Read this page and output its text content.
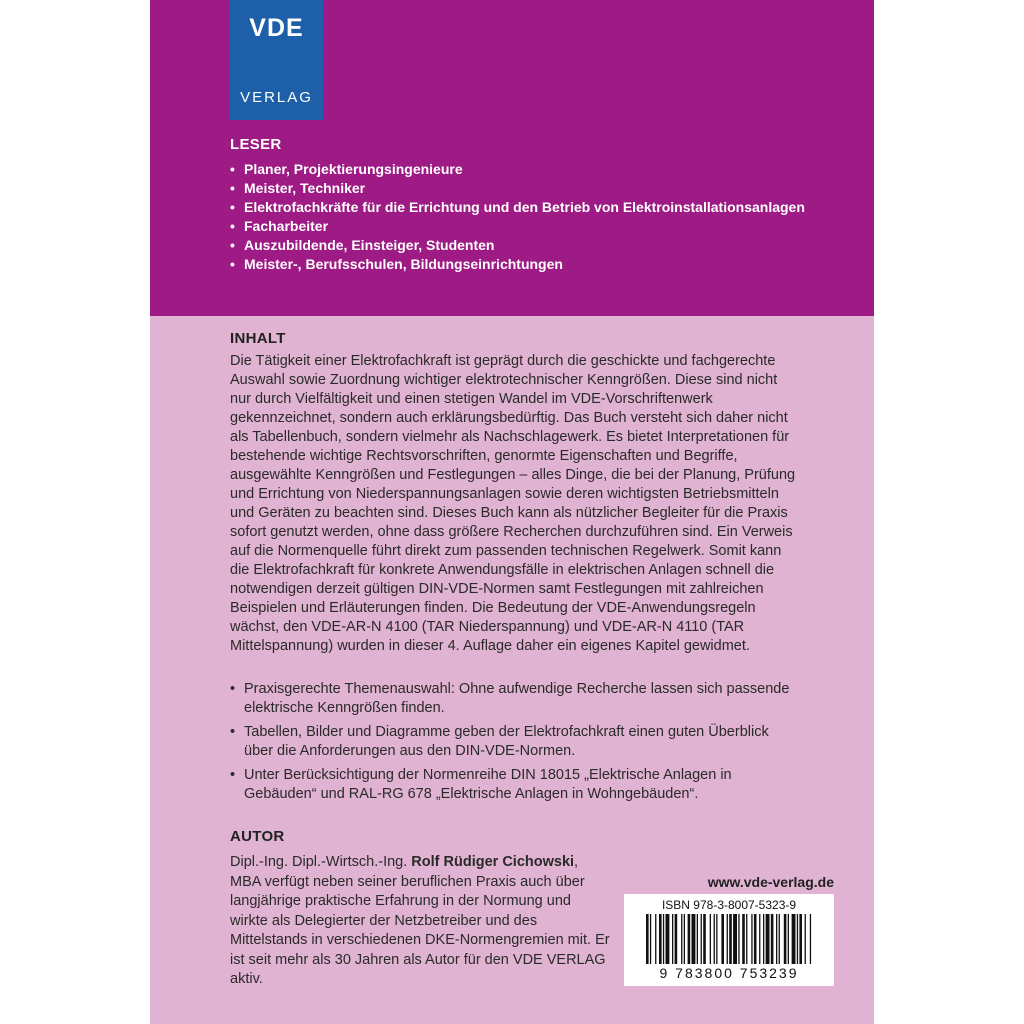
VDE
VERLAG
LESER
• Planer, Projektierungsingenieure
• Meister, Techniker
• Elektrofachkräfte für die Errichtung und den Betrieb von Elektroinstallationsanlagen
• Facharbeiter
• Auszubildende, Einsteiger, Studenten
• Meister-, Berufsschulen, Bildungseinrichtungen
INHALT

Die Tätigkeit einer Elektrofachkraft ist geprägt durch die geschickte und fachgerechte Auswahl sowie Zuordnung wichtiger elektrotechnischer Kenngrößen. Diese sind nicht nur durch Vielfältigkeit und einen stetigen Wandel im VDE-Vorschriftenwerk gekennzeichnet, sondern auch erklärungsbedürftig. Das Buch versteht sich daher nicht als Tabellenbuch, sondern vielmehr als Nachschlagewerk. Es bietet Interpretationen für bestehende wichtige Rechtsvorschriften, genormte Eigenschaften und Begriffe, ausgewählte Kenngrößen und Festlegungen – alles Dinge, die bei der Planung, Prüfung und Errichtung von Niederspannungsanlagen sowie deren wichtigsten Betriebsmitteln und Geräten zu beachten sind. Dieses Buch kann als nützlicher Begleiter für die Praxis sofort genutzt werden, ohne dass größere Recherchen durchzuführen sind. Ein Verweis auf die Normenquelle führt direkt zum passenden technischen Regelwerk. Somit kann die Elektrofachkraft für konkrete Anwendungsfälle in elektrischen Anlagen schnell die notwendigen derzeit gültigen DIN-VDE-Normen samt Festlegungen mit zahlreichen Beispielen und Erläuterungen finden. Die Bedeutung der VDE-Anwendungsregeln wächst, den VDE-AR-N 4100 (TAR Niederspannung) und VDE-AR-N 4110 (TAR Mittelspannung) wurden in dieser 4. Auflage daher ein eigenes Kapitel gewidmet.

• Praxisgerechte Themenauswahl: Ohne aufwendige Recherche lassen sich passende elektrische Kenngrößen finden.
• Tabellen, Bilder und Diagramme geben der Elektrofachkraft einen guten Überblick über die Anforderungen aus den DIN-VDE-Normen.
• Unter Berücksichtigung der Normenreihe DIN 18015 „Elektrische Anlagen in Gebäuden“ und RAL-RG 678 „Elektrische Anlagen in Wohngebäuden“.
AUTOR

Dipl.-Ing. Dipl.-Wirtsch.-Ing. Rolf Rüdiger Cichowski, MBA verfügt neben seiner beruflichen Praxis auch über langjährige praktische Erfahrung in der Normung und wirkte als Delegierter der Netzbetreiber und des Mittelstands in verschiedenen DKE-Normengremien mit. Er ist seit mehr als 30 Jahren als Autor für den VDE VERLAG aktiv.

www.vde-verlag.de

ISBN 978-3-8007-5323-9
9 783800 753239
